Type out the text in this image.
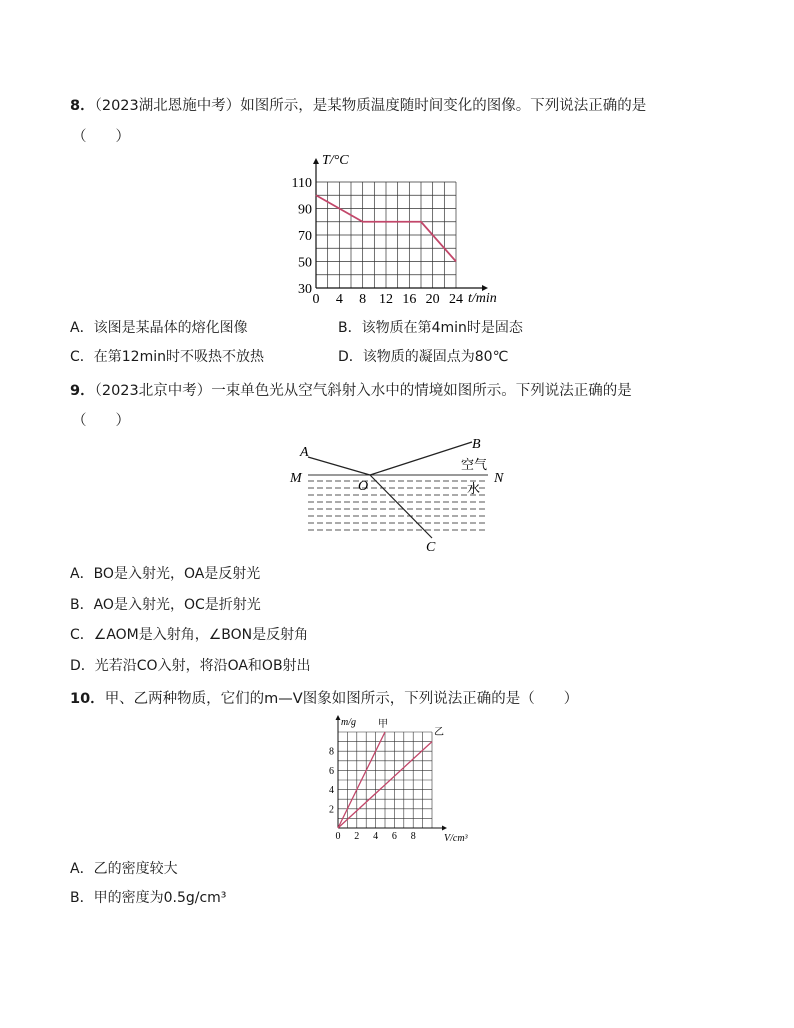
8．（2023湖北恩施中考）如图所示，是某物质温度随时间变化的图像。下列说法正确的是
（　　）
0 4 8 12 16 20 24
30
50
70
90
110
T/°C
t/min
A．该图是某晶体的熔化图像	B．该物质在第4min时是固态
C．在第12min时不吸热不放热	D．该物质的凝固点为80℃
9．（2023北京中考）一束单色光从空气斜射入水中的情境如图所示。下列说法正确的是
（　　）
A
B
M	N
O
C
空气
水
A．BO是入射光，OA是反射光
B．AO是入射光，OC是折射光
C．∠AOM是入射角，∠BON是反射角
D．光若沿CO入射，将沿OA和OB射出
10．甲、乙两种物质，它们的m—V图象如图所示，下列说法正确的是（　　）
0 2 4 6 8
2
4
6
8
m/g
V/cm³
甲
乙
A．乙的密度较大
B．甲的密度为0.5g/cm³
